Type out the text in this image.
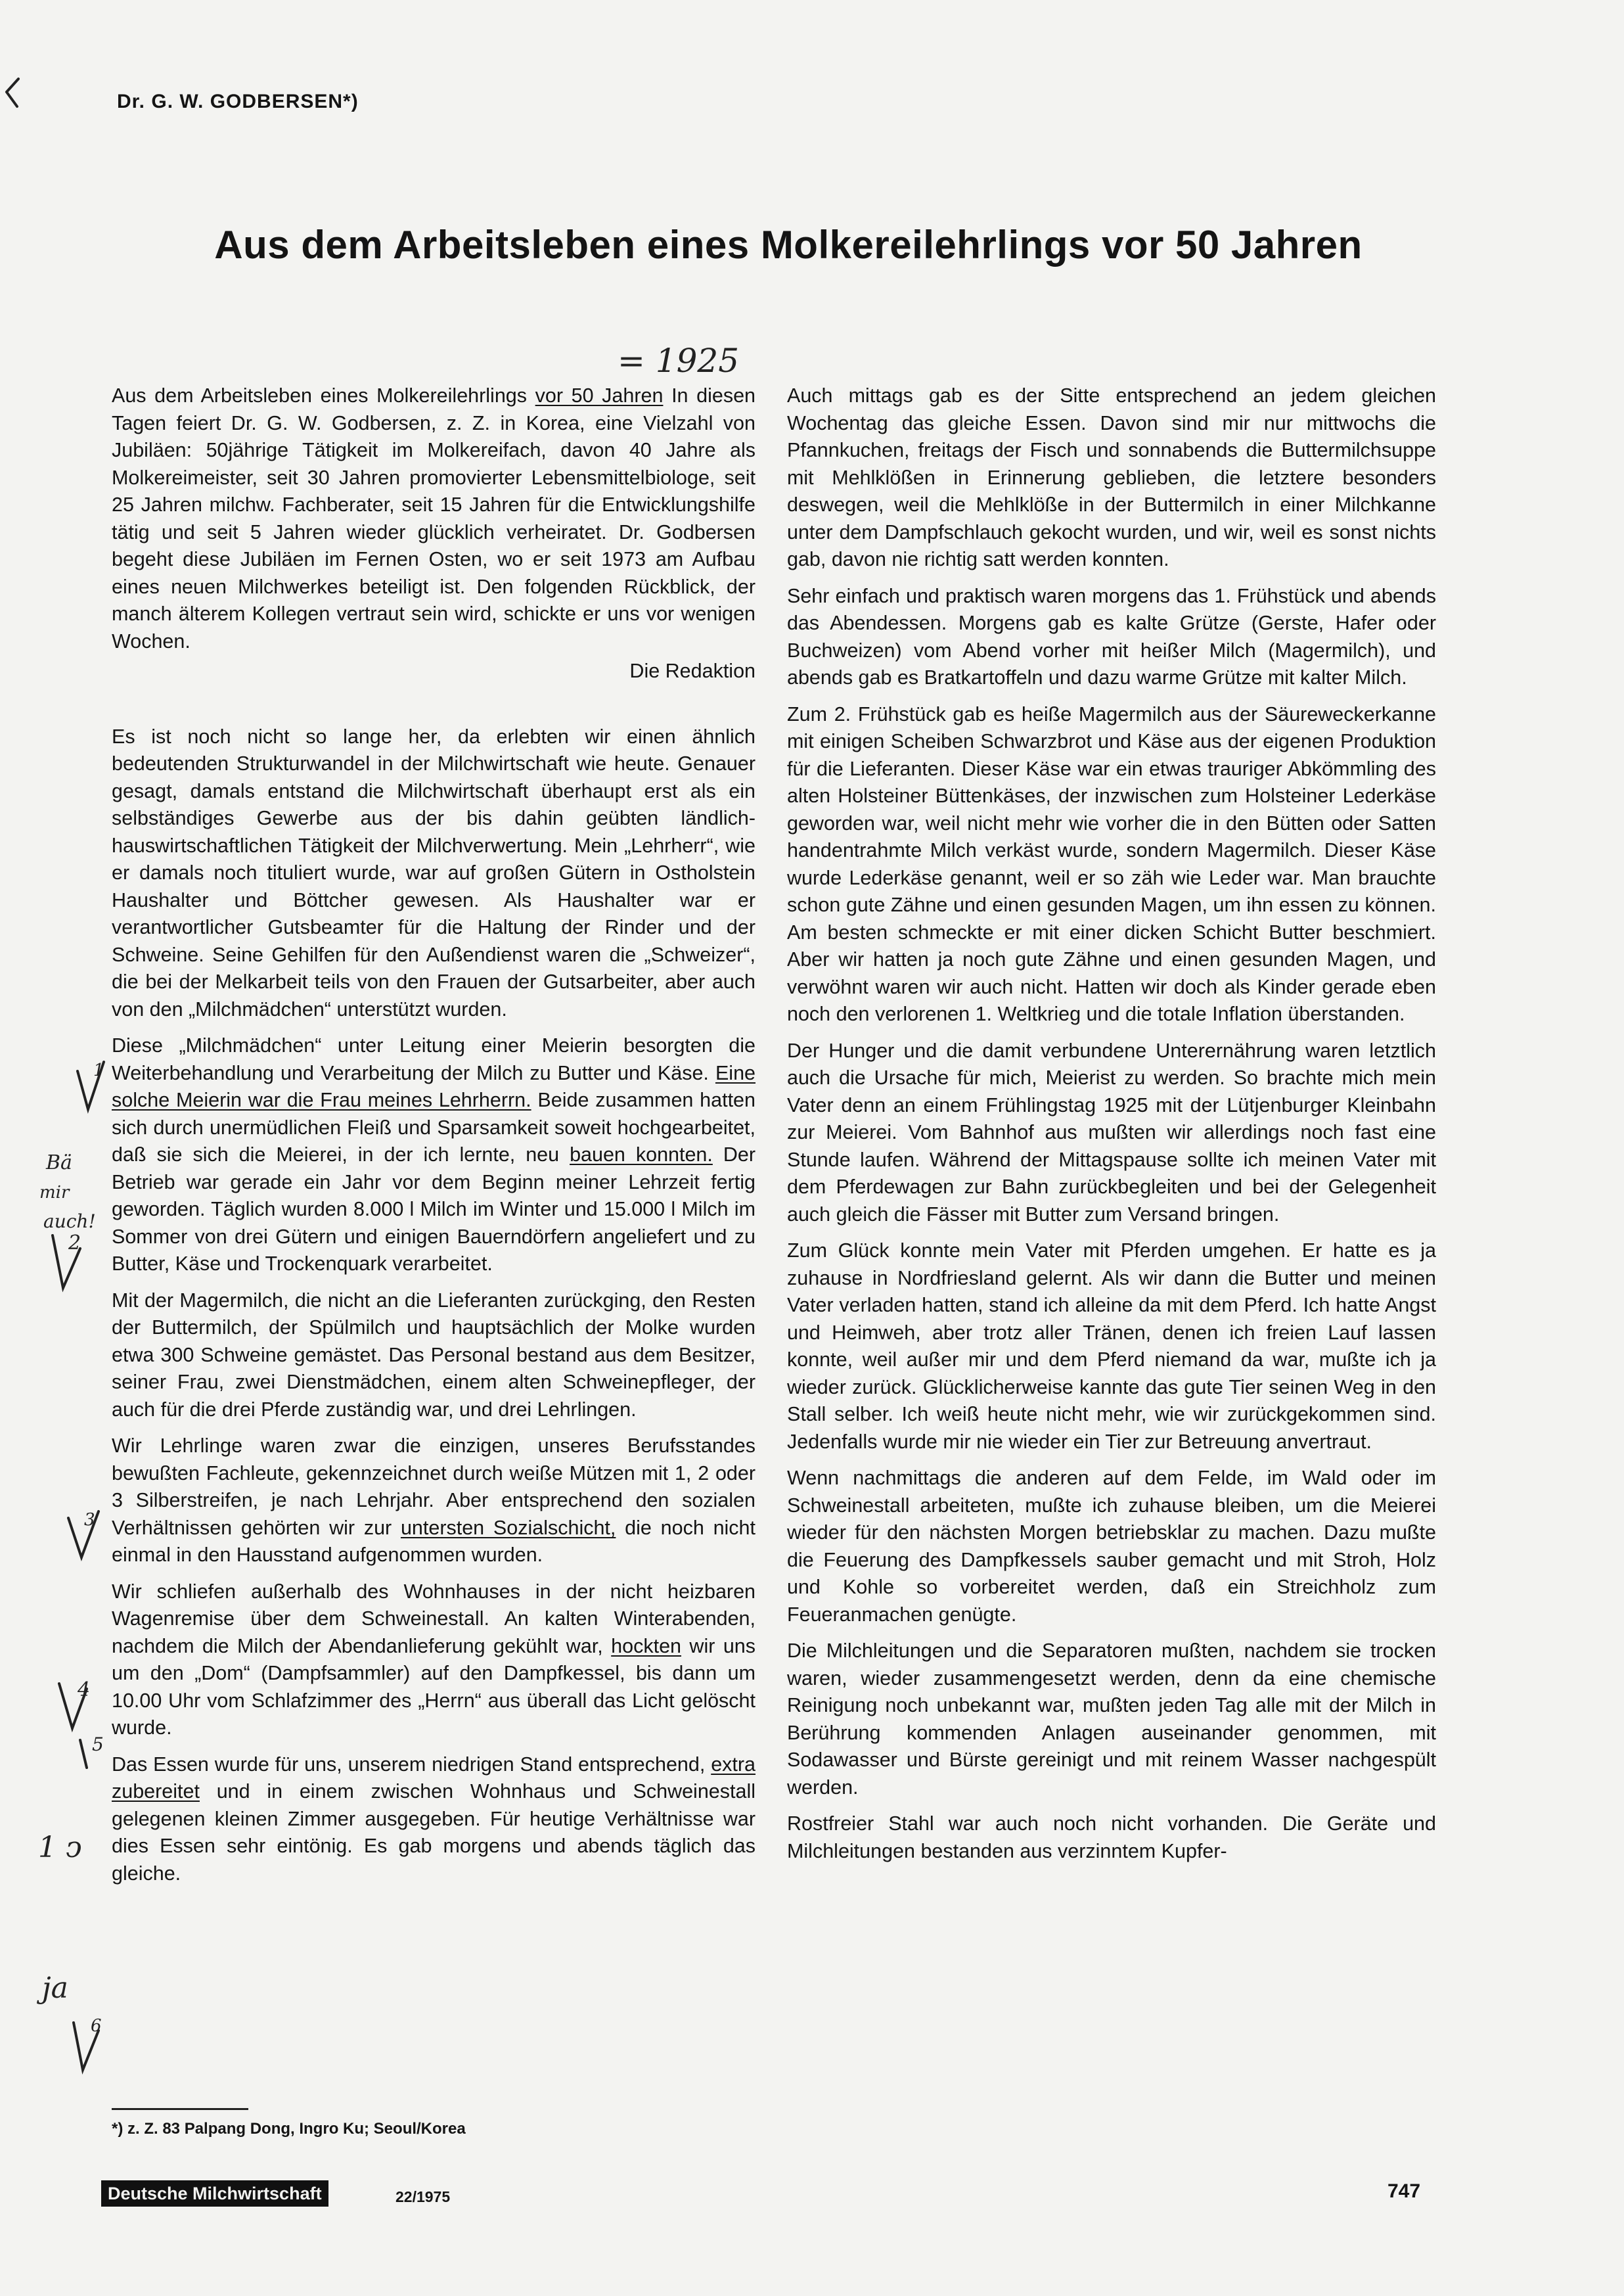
Dr. G. W. GODBERSEN*)
Aus dem Arbeitsleben eines Molkereilehrlings vor 50 Jahren
= 1925
Bä
mir
auch!
1 ↄ
ja
1
2
3
4
5
6

Aus dem Arbeitsleben eines Molkereilehrlings vor 50 Jahren In diesen Tagen feiert Dr. G. W. Godbersen, z. Z. in Korea, eine Vielzahl von Jubiläen: 50jährige Tätigkeit im Molkereifach, davon 40 Jahre als Molkereimeister, seit 30 Jahren promovierter Lebensmittelbiologe, seit 25 Jahren milchw. Fachberater, seit 15 Jahren für die Entwicklungshilfe tätig und seit 5 Jahren wieder glücklich verheiratet. Dr. Godbersen begeht diese Jubiläen im Fernen Osten, wo er seit 1973 am Aufbau eines neuen Milchwerkes beteiligt ist. Den folgenden Rückblick, der manch älterem Kollegen vertraut sein wird, schickte er uns vor wenigen Wochen.

Die Redaktion

Es ist noch nicht so lange her, da erlebten wir einen ähnlich bedeutenden Strukturwandel in der Milchwirtschaft wie heute. Genauer gesagt, damals entstand die Milchwirtschaft überhaupt erst als ein selbständiges Gewerbe aus der bis dahin geübten ländlich-hauswirtschaftlichen Tätigkeit der Milchverwertung. Mein „Lehrherr“, wie er damals noch tituliert wurde, war auf großen Gütern in Ostholstein Haushalter und Böttcher gewesen. Als Haushalter war er verantwortlicher Gutsbeamter für die Haltung der Rinder und der Schweine. Seine Gehilfen für den Außendienst waren die „Schweizer“, die bei der Melkarbeit teils von den Frauen der Gutsarbeiter, aber auch von den „Milchmädchen“ unterstützt wurden.

Diese „Milchmädchen“ unter Leitung einer Meierin besorgten die Weiterbehandlung und Verarbeitung der Milch zu Butter und Käse. Eine solche Meierin war die Frau meines Lehrherrn. Beide zusammen hatten sich durch unermüdlichen Fleiß und Sparsamkeit soweit hochgearbeitet, daß sie sich die Meierei, in der ich lernte, neu bauen konnten. Der Betrieb war gerade ein Jahr vor dem Beginn meiner Lehrzeit fertig geworden. Täglich wurden 8.000 l Milch im Winter und 15.000 l Milch im Sommer von drei Gütern und einigen Bauerndörfern angeliefert und zu Butter, Käse und Trockenquark verarbeitet.

Mit der Magermilch, die nicht an die Lieferanten zurückging, den Resten der Buttermilch, der Spülmilch und hauptsächlich der Molke wurden etwa 300 Schweine gemästet. Das Personal bestand aus dem Besitzer, seiner Frau, zwei Dienstmädchen, einem alten Schweinepfleger, der auch für die drei Pferde zuständig war, und drei Lehrlingen.

Wir Lehrlinge waren zwar die einzigen, unseres Berufsstandes bewußten Fachleute, gekennzeichnet durch weiße Mützen mit 1, 2 oder 3 Silberstreifen, je nach Lehrjahr. Aber entsprechend den sozialen Verhältnissen gehörten wir zur untersten Sozialschicht, die noch nicht einmal in den Hausstand aufgenommen wurden.

Wir schliefen außerhalb des Wohnhauses in der nicht heizbaren Wagenremise über dem Schweinestall. An kalten Winterabenden, nachdem die Milch der Abendanlieferung gekühlt war, hockten wir uns um den „Dom“ (Dampfsammler) auf den Dampfkessel, bis dann um 10.00 Uhr vom Schlafzimmer des „Herrn“ aus überall das Licht gelöscht wurde.

Das Essen wurde für uns, unserem niedrigen Stand entsprechend, extra zubereitet und in einem zwischen Wohnhaus und Schweinestall gelegenen kleinen Zimmer ausgegeben. Für heutige Verhältnisse war dies Essen sehr eintönig. Es gab morgens und abends täglich das gleiche.

Auch mittags gab es der Sitte entsprechend an jedem gleichen Wochentag das gleiche Essen. Davon sind mir nur mittwochs die Pfannkuchen, freitags der Fisch und sonnabends die Buttermilchsuppe mit Mehlklößen in Erinnerung geblieben, die letztere besonders deswegen, weil die Mehlklöße in der Buttermilch in einer Milchkanne unter dem Dampfschlauch gekocht wurden, und wir, weil es sonst nichts gab, davon nie richtig satt werden konnten.

Sehr einfach und praktisch waren morgens das 1. Frühstück und abends das Abendessen. Morgens gab es kalte Grütze (Gerste, Hafer oder Buchweizen) vom Abend vorher mit heißer Milch (Magermilch), und abends gab es Bratkartoffeln und dazu warme Grütze mit kalter Milch.

Zum 2. Frühstück gab es heiße Magermilch aus der Säureweckerkanne mit einigen Scheiben Schwarzbrot und Käse aus der eigenen Produktion für die Lieferanten. Dieser Käse war ein etwas trauriger Abkömmling des alten Holsteiner Büttenkäses, der inzwischen zum Holsteiner Lederkäse geworden war, weil nicht mehr wie vorher die in den Bütten oder Satten handentrahmte Milch verkäst wurde, sondern Magermilch. Dieser Käse wurde Lederkäse genannt, weil er so zäh wie Leder war. Man brauchte schon gute Zähne und einen gesunden Magen, um ihn essen zu können. Am besten schmeckte er mit einer dicken Schicht Butter beschmiert. Aber wir hatten ja noch gute Zähne und einen gesunden Magen, und verwöhnt waren wir auch nicht. Hatten wir doch als Kinder gerade eben noch den verlorenen 1. Weltkrieg und die totale Inflation überstanden.

Der Hunger und die damit verbundene Unterernährung waren letztlich auch die Ursache für mich, Meierist zu werden. So brachte mich mein Vater denn an einem Frühlingstag 1925 mit der Lütjenburger Kleinbahn zur Meierei. Vom Bahnhof aus mußten wir allerdings noch fast eine Stunde laufen. Während der Mittagspause sollte ich meinen Vater mit dem Pferdewagen zur Bahn zurückbegleiten und bei der Gelegenheit auch gleich die Fässer mit Butter zum Versand bringen.

Zum Glück konnte mein Vater mit Pferden umgehen. Er hatte es ja zuhause in Nordfriesland gelernt. Als wir dann die Butter und meinen Vater verladen hatten, stand ich alleine da mit dem Pferd. Ich hatte Angst und Heimweh, aber trotz aller Tränen, denen ich freien Lauf lassen konnte, weil außer mir und dem Pferd niemand da war, mußte ich ja wieder zurück. Glücklicherweise kannte das gute Tier seinen Weg in den Stall selber. Ich weiß heute nicht mehr, wie wir zurückgekommen sind. Jedenfalls wurde mir nie wieder ein Tier zur Betreuung anvertraut.

Wenn nachmittags die anderen auf dem Felde, im Wald oder im Schweinestall arbeiteten, mußte ich zuhause bleiben, um die Meierei wieder für den nächsten Morgen betriebsklar zu machen. Dazu mußte die Feuerung des Dampfkessels sauber gemacht und mit Stroh, Holz und Kohle so vorbereitet werden, daß ein Streichholz zum Feueranmachen genügte.

Die Milchleitungen und die Separatoren mußten, nachdem sie trocken waren, wieder zusammengesetzt werden, denn da eine chemische Reinigung noch unbekannt war, mußten jeden Tag alle mit der Milch in Berührung kommenden Anlagen auseinander genommen, mit Sodawasser und Bürste gereinigt und mit reinem Wasser nachgespült werden.

Rostfreier Stahl war auch noch nicht vorhanden. Die Geräte und Milchleitungen bestanden aus verzinntem Kupfer-

*) z. Z. 83 Palpang Dong, Ingro Ku; Seoul/Korea
Deutsche Milchwirtschaft	22/1975	747
